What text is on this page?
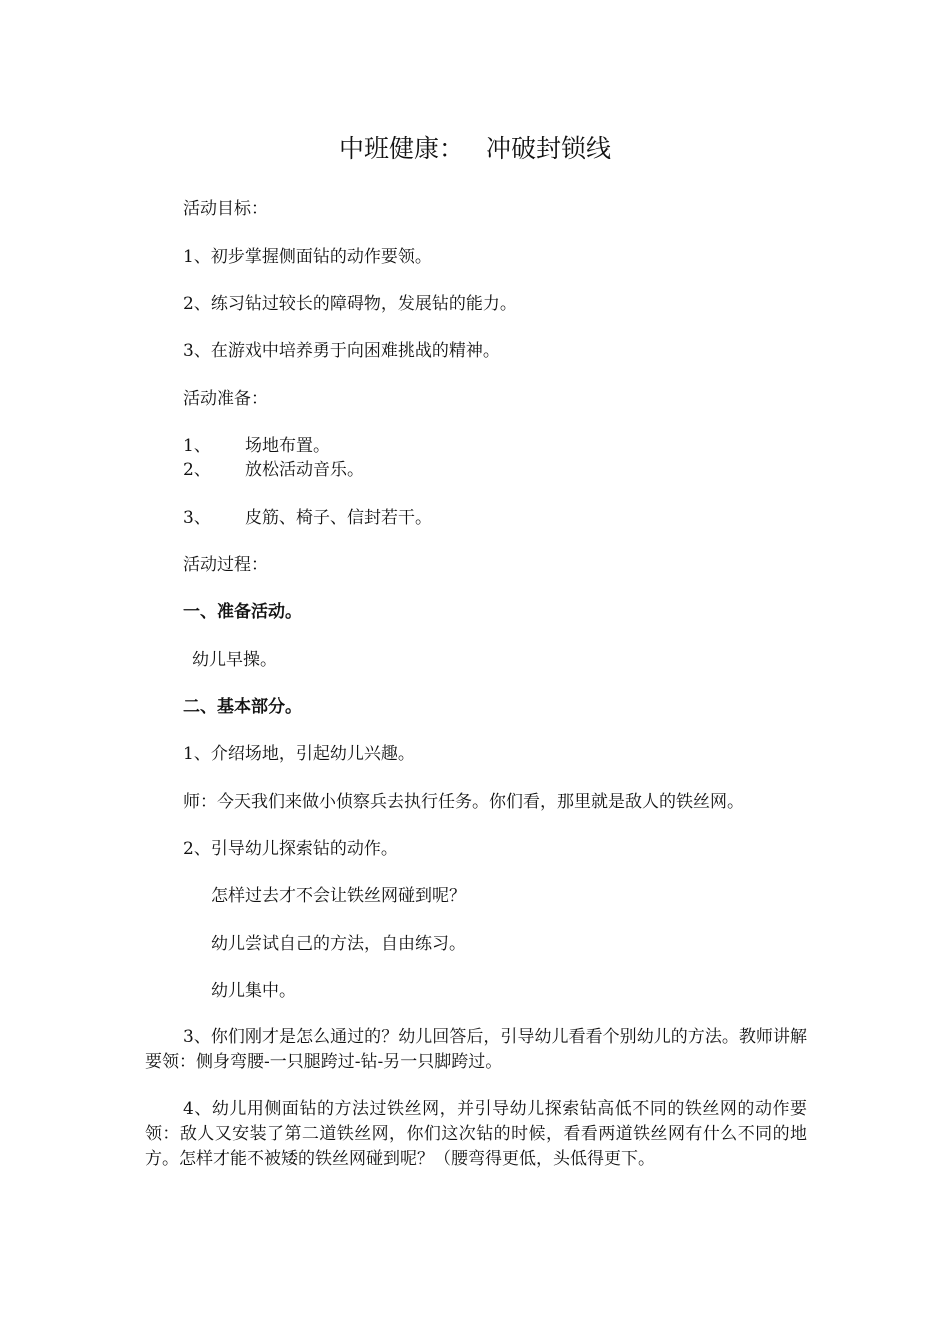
中班健康： 冲破封锁线
活动目标：
1、初步掌握侧面钻的动作要领。
2、练习钻过较长的障碍物，发展钻的能力。
3、在游戏中培养勇于向困难挑战的精神。
活动准备：
1、 场地布置。
2、 放松活动音乐。
3、 皮筋、椅子、信封若干。
活动过程：
一、准备活动。
幼儿早操。
二、基本部分。
1、介绍场地，引起幼儿兴趣。
师：今天我们来做小侦察兵去执行任务。你们看，那里就是敌人的铁丝网。
2、引导幼儿探索钻的动作。
怎样过去才不会让铁丝网碰到呢？
幼儿尝试自己的方法，自由练习。
幼儿集中。
3、你们刚才是怎么通过的？幼儿回答后，引导幼儿看看个别幼儿的方法。教师讲解要领：侧身弯腰-一只腿跨过-钻-另一只脚跨过。
4、幼儿用侧面钻的方法过铁丝网，并引导幼儿探索钻高低不同的铁丝网的动作要领：敌人又安装了第二道铁丝网，你们这次钻的时候，看看两道铁丝网有什么不同的地方。怎样才能不被矮的铁丝网碰到呢？（腰弯得更低，头低得更下。
